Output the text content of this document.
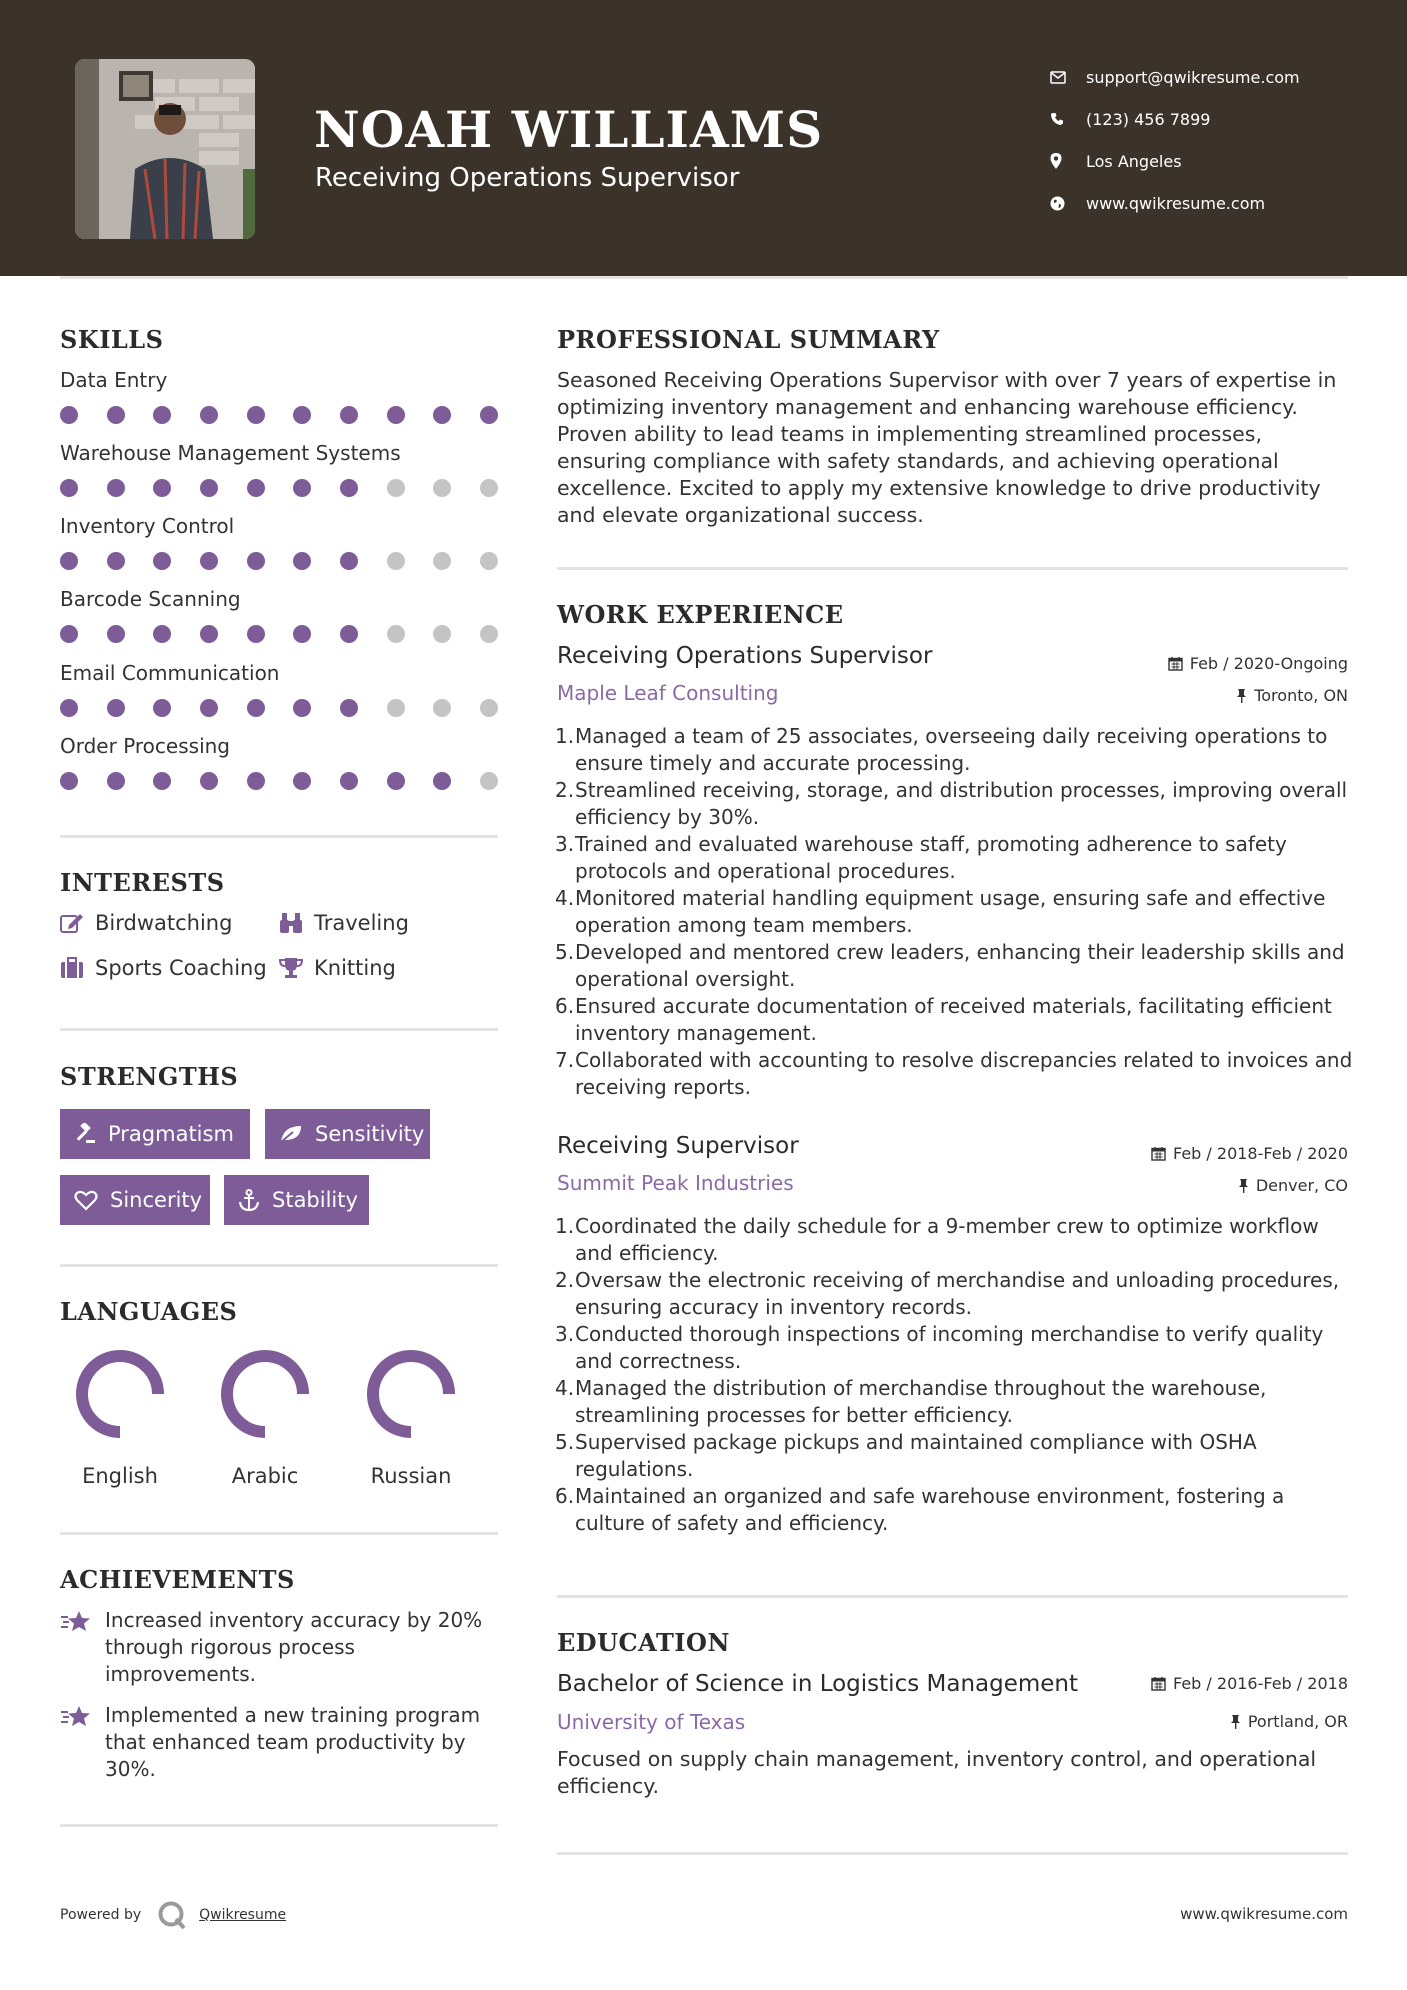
NOAH WILLIAMS
Receiving Operations Supervisor
support@qwikresume.com
(123) 456 7899
Los Angeles
www.qwikresume.com
SKILLS
Data Entry
Warehouse Management Systems
Inventory Control
Barcode Scanning
Email Communication
Order Processing
INTERESTS
Birdwatching	Traveling
Sports Coaching Knitting
STRENGTHS
Pragmatism	Sensitivity
Sincerity	Stability
LANGUAGES
English	Arabic	Russian
ACHIEVEMENTS
Increased inventory accuracy by 20% through rigorous process improvements.
Implemented a new training program that enhanced team productivity by 30%.
PROFESSIONAL SUMMARY
Seasoned Receiving Operations Supervisor with over 7 years of expertise in optimizing inventory management and enhancing warehouse efficiency. Proven ability to lead teams in implementing streamlined processes, ensuring compliance with safety standards, and achieving operational excellence. Excited to apply my extensive knowledge to drive productivity and elevate organizational success.
WORK EXPERIENCE
Receiving Operations Supervisor	Feb / 2020-Ongoing
Maple Leaf Consulting	Toronto, ON
1. Managed a team of 25 associates, overseeing daily receiving operations to ensure timely and accurate processing.
2. Streamlined receiving, storage, and distribution processes, improving overall efficiency by 30%.
3. Trained and evaluated warehouse staff, promoting adherence to safety protocols and operational procedures.
4. Monitored material handling equipment usage, ensuring safe and effective operation among team members.
5. Developed and mentored crew leaders, enhancing their leadership skills and operational oversight.
6. Ensured accurate documentation of received materials, facilitating efficient inventory management.
7. Collaborated with accounting to resolve discrepancies related to invoices and receiving reports.
Receiving Supervisor	Feb / 2018-Feb / 2020
Summit Peak Industries	Denver, CO
1. Coordinated the daily schedule for a 9-member crew to optimize workflow and efficiency.
2. Oversaw the electronic receiving of merchandise and unloading procedures, ensuring accuracy in inventory records.
3. Conducted thorough inspections of incoming merchandise to verify quality and correctness.
4. Managed the distribution of merchandise throughout the warehouse, streamlining processes for better efficiency.
5. Supervised package pickups and maintained compliance with OSHA regulations.
6. Maintained an organized and safe warehouse environment, fostering a culture of safety and efficiency.
EDUCATION
Bachelor of Science in Logistics Management	Feb / 2016-Feb / 2018
University of Texas	Portland, OR
Focused on supply chain management, inventory control, and operational efficiency.
Powered by	Qwikresume	www.qwikresume.com
